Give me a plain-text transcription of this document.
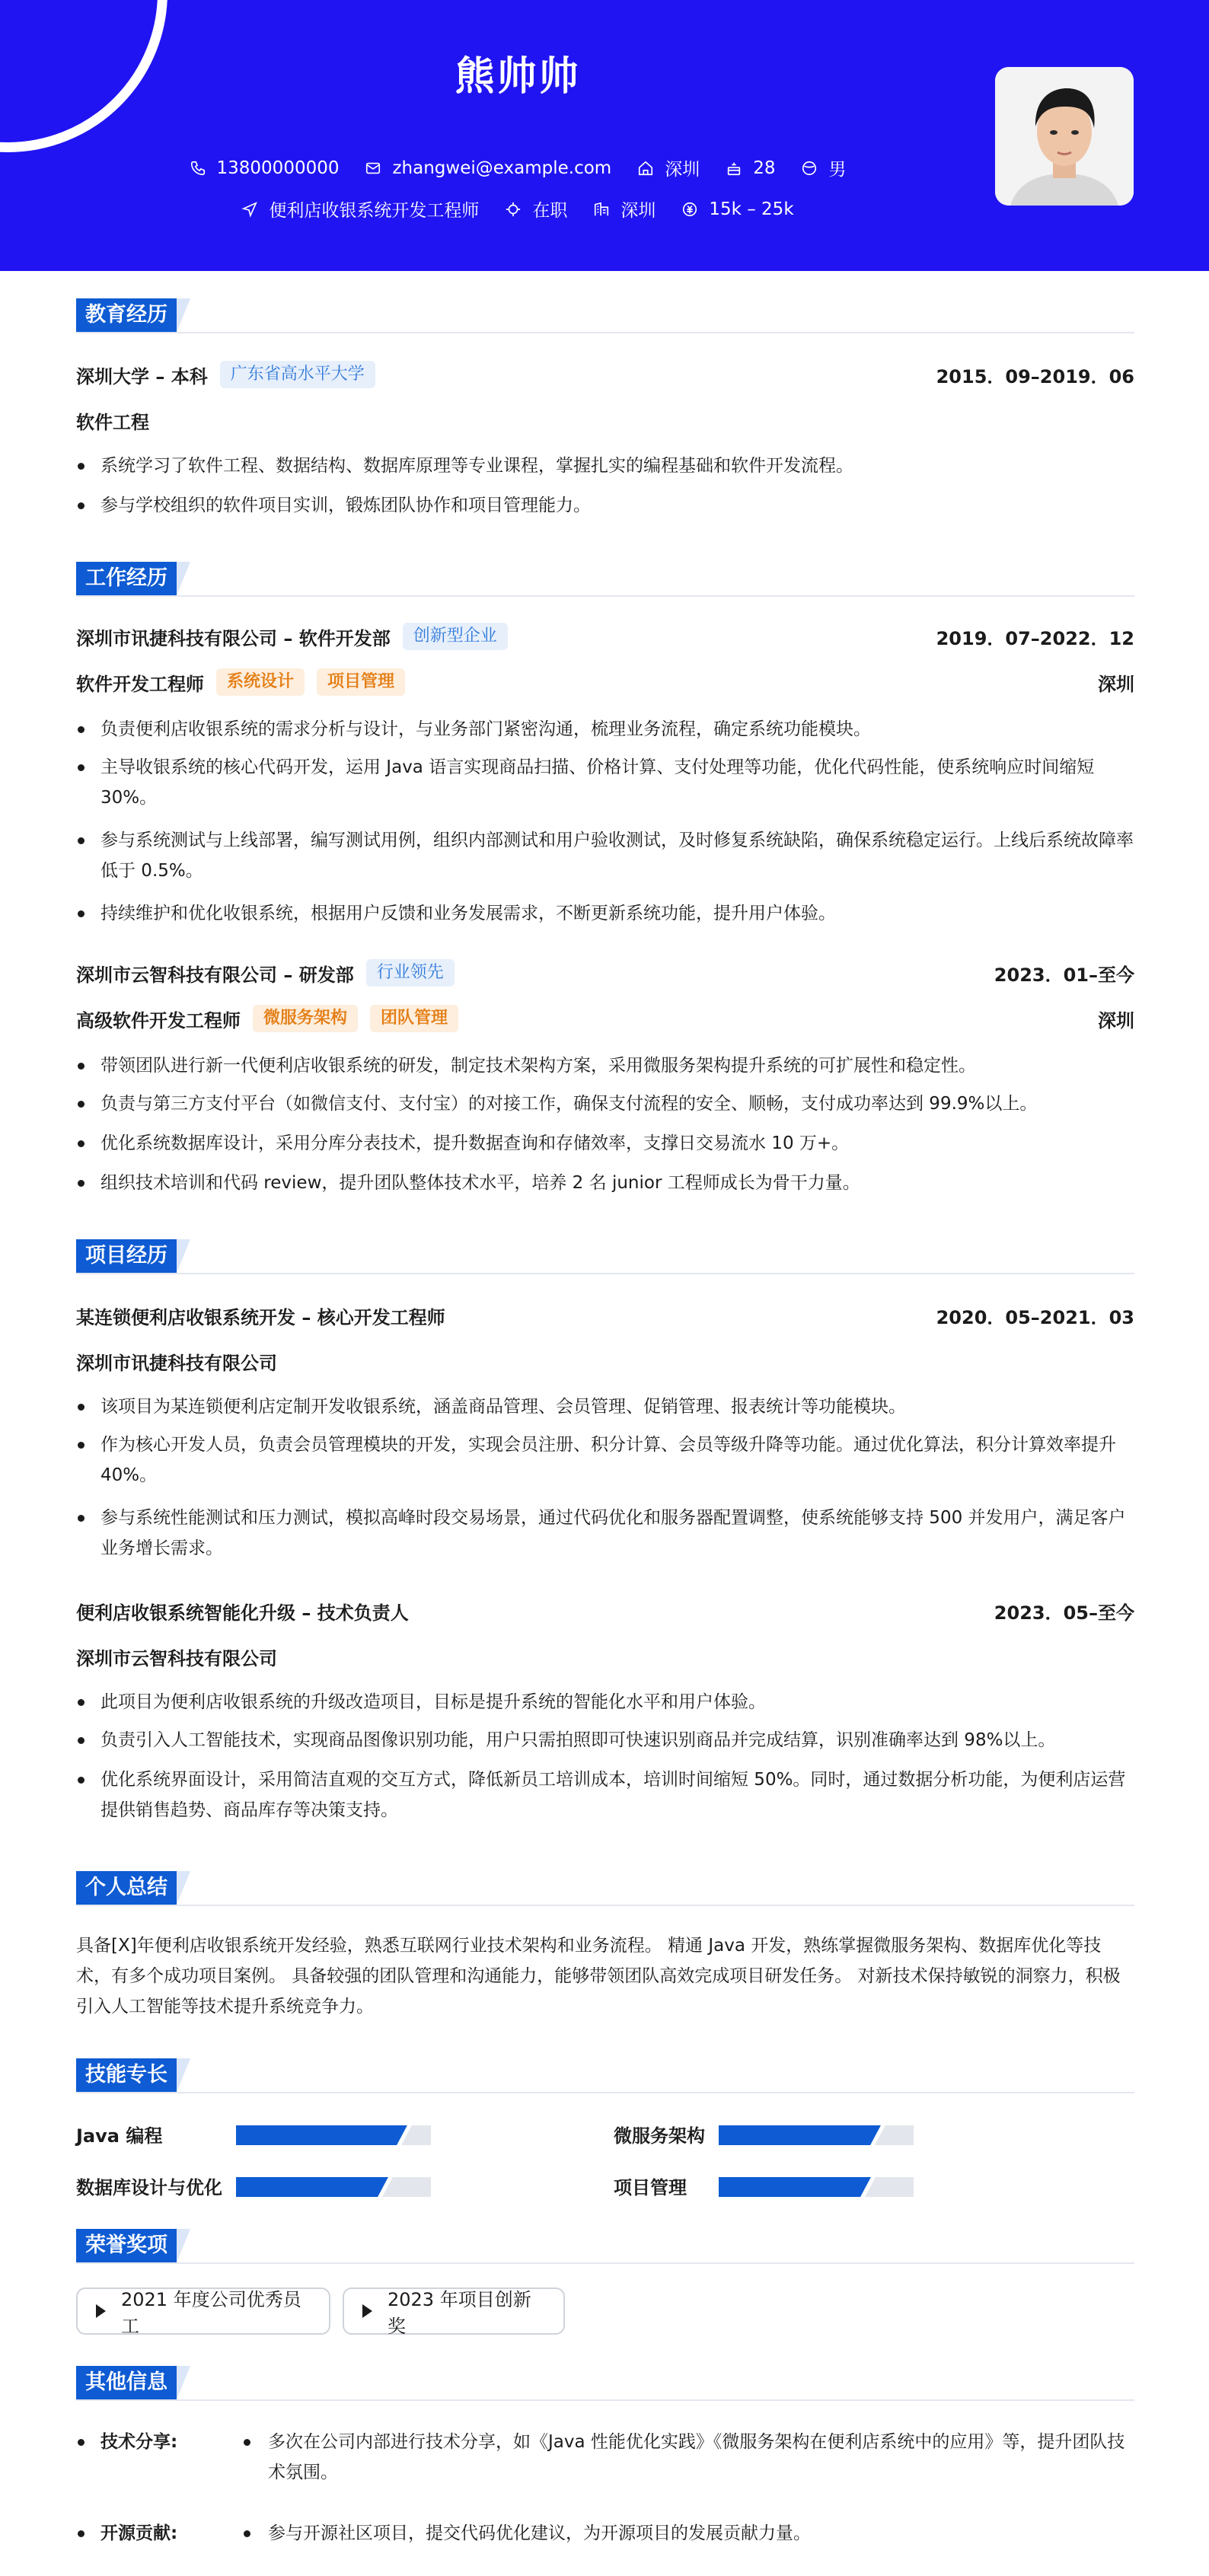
熊帅帅
13800000000	zhangwei@example.com	深圳	28	男
便利店收银系统开发工程师	在职	深圳	15k – 25k
教育经历
深圳大学 – 本科	广东省高水平大学	2015．09–2019．06
软件工程
系统学习了软件工程、数据结构、数据库原理等专业课程，掌握扎实的编程基础和软件开发流程。
参与学校组织的软件项目实训，锻炼团队协作和项目管理能力。
工作经历
深圳市讯捷科技有限公司 – 软件开发部	创新型企业	2019．07–2022．12
软件开发工程师	系统设计	项目管理	深圳
负责便利店收银系统的需求分析与设计，与业务部门紧密沟通，梳理业务流程，确定系统功能模块。
主导收银系统的核心代码开发，运用 Java 语言实现商品扫描、价格计算、支付处理等功能，优化代码性能，使系统响应时间缩短 30%。
参与系统测试与上线部署，编写测试用例，组织内部测试和用户验收测试，及时修复系统缺陷，确保系统稳定运行。上线后系统故障率低于 0.5%。
持续维护和优化收银系统，根据用户反馈和业务发展需求，不断更新系统功能，提升用户体验。
深圳市云智科技有限公司 – 研发部	行业领先	2023．01–至今
高级软件开发工程师	微服务架构	团队管理	深圳
带领团队进行新一代便利店收银系统的研发，制定技术架构方案，采用微服务架构提升系统的可扩展性和稳定性。
负责与第三方支付平台（如微信支付、支付宝）的对接工作，确保支付流程的安全、顺畅，支付成功率达到 99.9%以上。
优化系统数据库设计，采用分库分表技术，提升数据查询和存储效率，支撑日交易流水 10 万+。
组织技术培训和代码 review，提升团队整体技术水平，培养 2 名 junior 工程师成长为骨干力量。
项目经历
某连锁便利店收银系统开发 – 核心开发工程师	2020．05–2021．03
深圳市讯捷科技有限公司
该项目为某连锁便利店定制开发收银系统，涵盖商品管理、会员管理、促销管理、报表统计等功能模块。
作为核心开发人员，负责会员管理模块的开发，实现会员注册、积分计算、会员等级升降等功能。通过优化算法，积分计算效率提升 40%。
参与系统性能测试和压力测试，模拟高峰时段交易场景，通过代码优化和服务器配置调整，使系统能够支持 500 并发用户，满足客户业务增长需求。
便利店收银系统智能化升级 – 技术负责人	2023．05–至今
深圳市云智科技有限公司
此项目为便利店收银系统的升级改造项目，目标是提升系统的智能化水平和用户体验。
负责引入人工智能技术，实现商品图像识别功能，用户只需拍照即可快速识别商品并完成结算，识别准确率达到 98%以上。
优化系统界面设计，采用简洁直观的交互方式，降低新员工培训成本，培训时间缩短 50%。同时，通过数据分析功能，为便利店运营提供销售趋势、商品库存等决策支持。
个人总结
具备[X]年便利店收银系统开发经验，熟悉互联网行业技术架构和业务流程。 精通 Java 开发，熟练掌握微服务架构、数据库优化等技术，有多个成功项目案例。 具备较强的团队管理和沟通能力，能够带领团队高效完成项目研发任务。 对新技术保持敏锐的洞察力，积极引入人工智能等技术提升系统竞争力。
技能专长
Java 编程	微服务架构
数据库设计与优化	项目管理
荣誉奖项
2021 年度公司优秀员工
2023 年项目创新奖
其他信息
技术分享:	多次在公司内部进行技术分享，如《Java 性能优化实践》《微服务架构在便利店系统中的应用》等，提升团队技术氛围。
开源贡献:	参与开源社区项目，提交代码优化建议，为开源项目的发展贡献力量。
